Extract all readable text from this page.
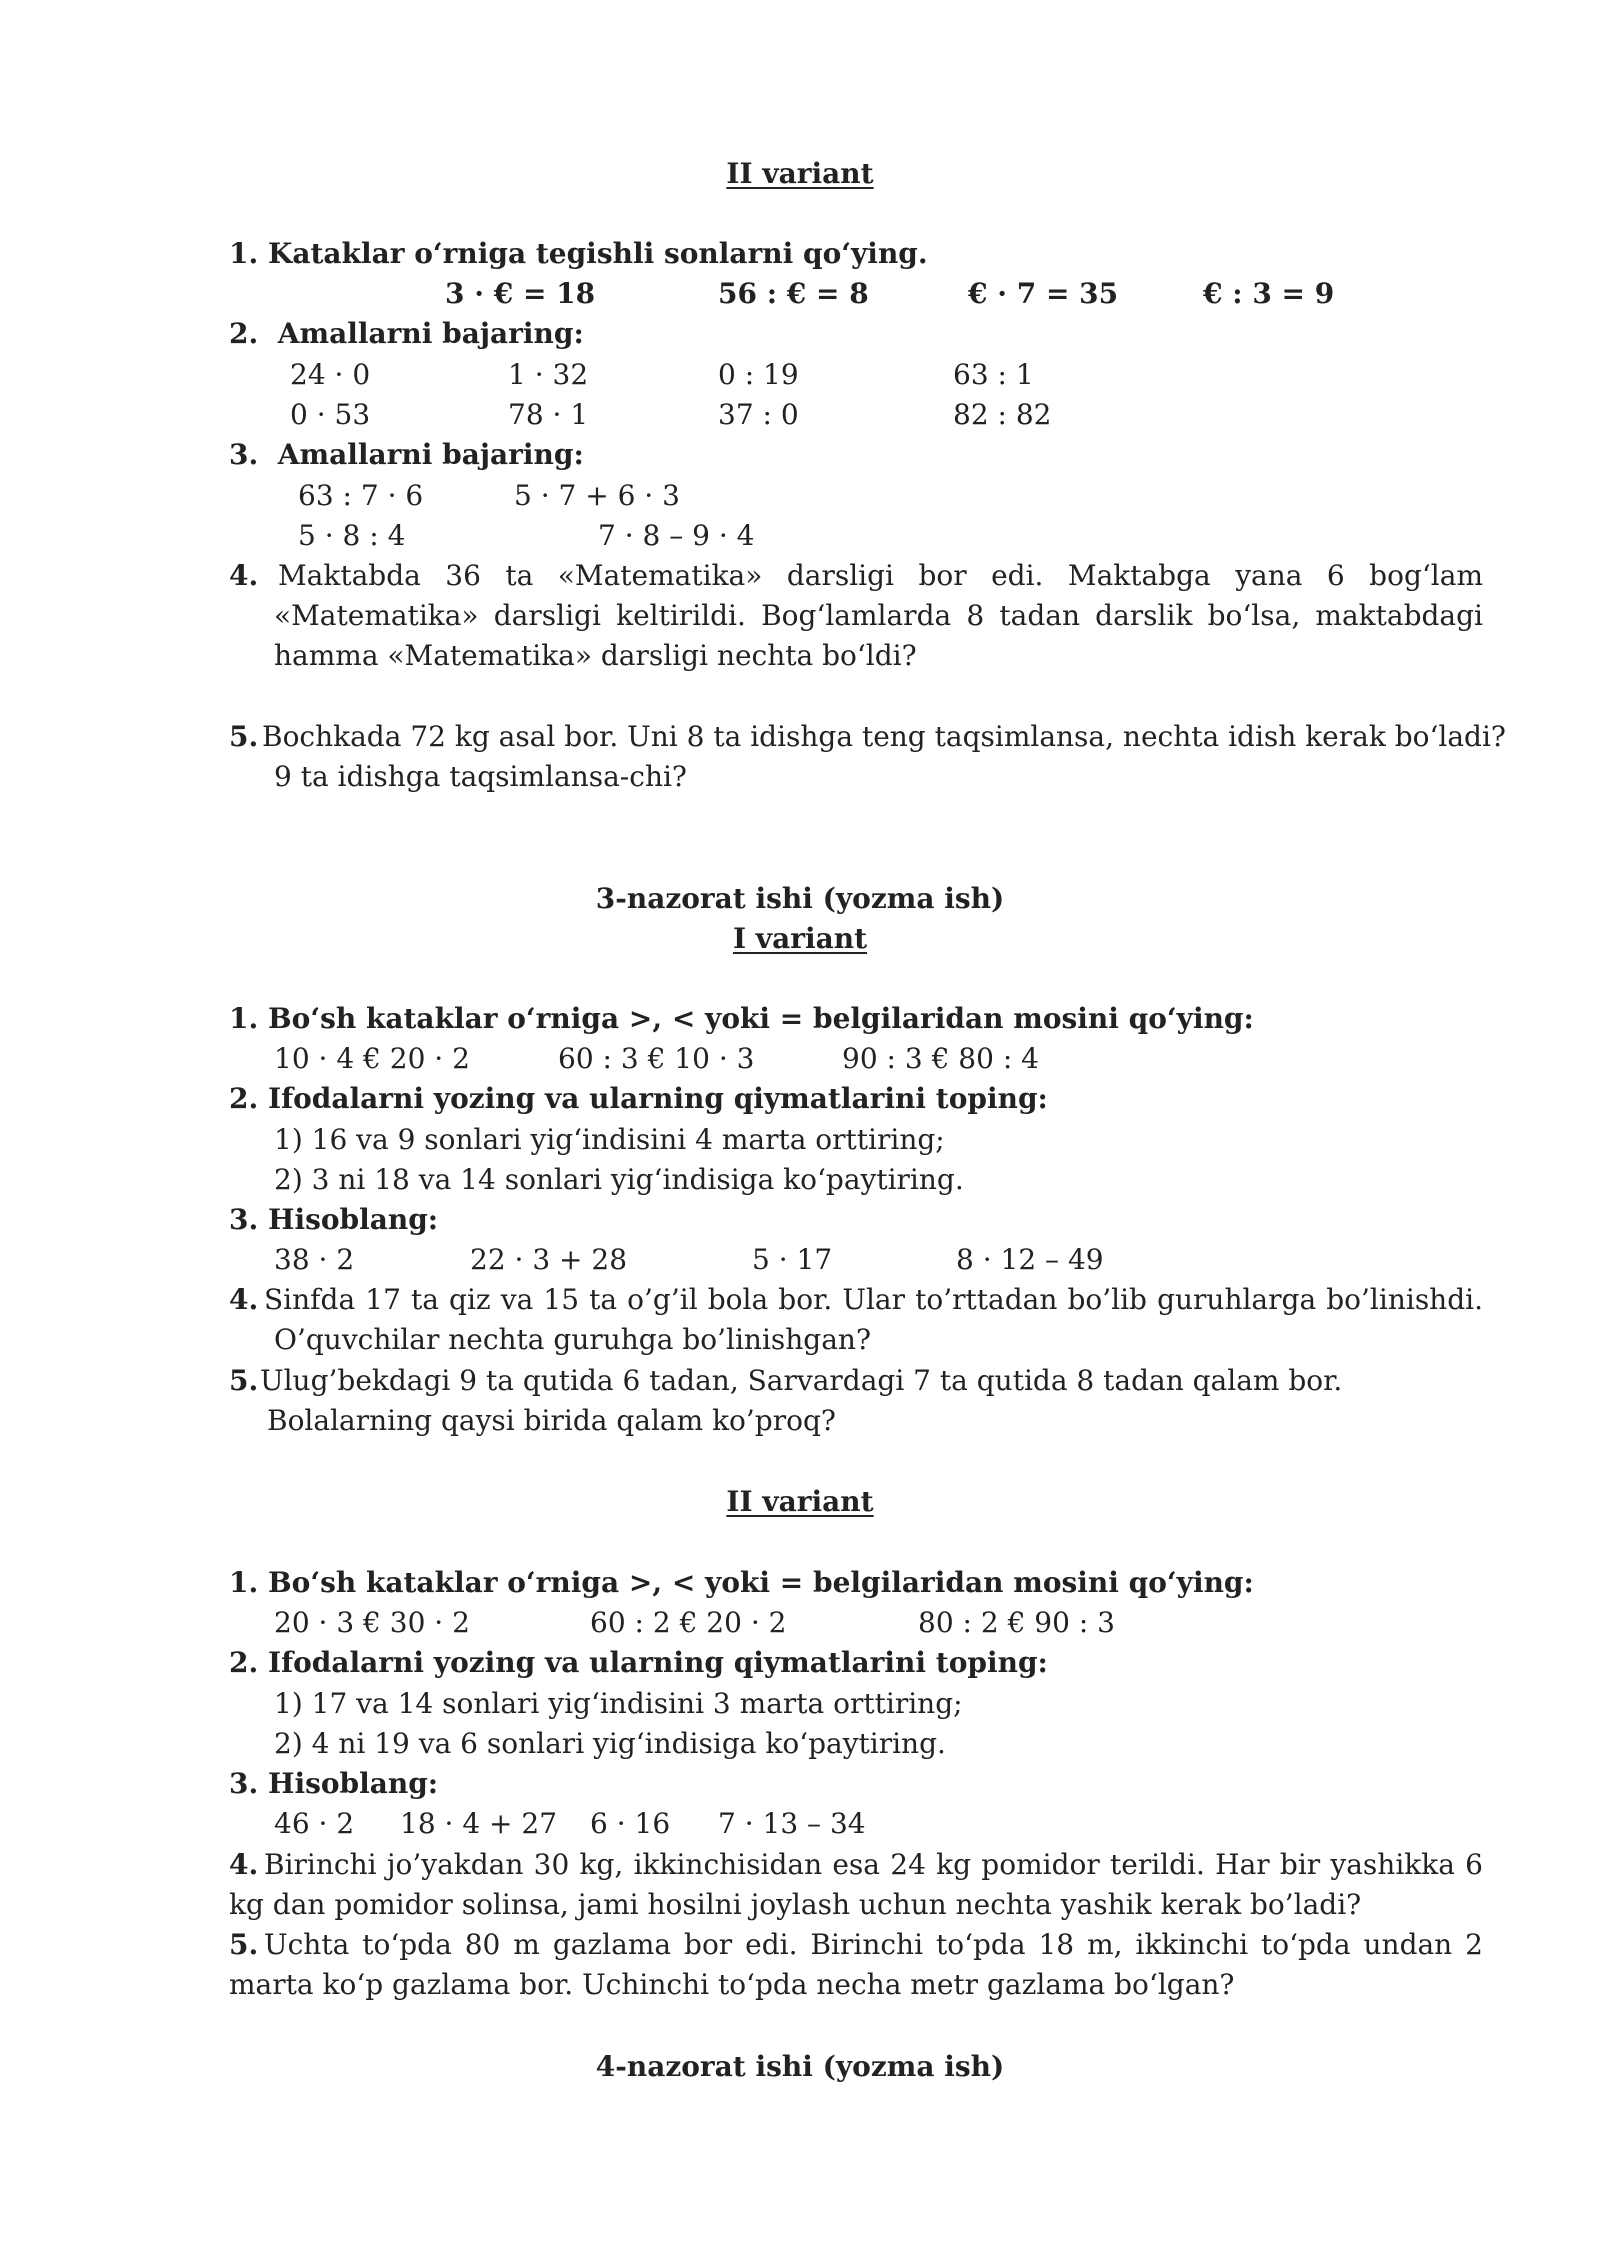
II variant
1. Kataklar o‘rniga tegishli sonlarni qo‘ying.
3 · € = 18	56 : € = 8	€ · 7 = 35	€ : 3 = 9
2. Amallarni bajaring:
24 · 0	1 · 32	0 : 19	63 : 1
0 · 53	78 · 1	37 : 0	82 : 82
3. Amallarni bajaring:
63 : 7 · 6	5 · 7 + 6 · 3
5 · 8 : 4	7 · 8 – 9 · 4
4. Maktabda 36 ta «Matematika» darsligi bor edi. Maktabga yana 6 bog‘lam
«Matematika» darsligi keltirildi. Bog‘lamlarda 8 tadan darslik bo‘lsa, maktabdagi
hamma «Matematika» darsligi nechta bo‘ldi?
5. Bochkada 72 kg asal bor. Uni 8 ta idishga teng taqsimlansa, nechta idish kerak bo‘ladi?
9 ta idishga taqsimlansa-chi?
3-nazorat ishi (yozma ish)
I variant
1. Bo‘sh kataklar o‘rniga >, < yoki = belgilaridan mosini qo‘ying:
10 · 4 € 20 · 2	60 : 3 € 10 · 3	90 : 3 € 80 : 4
2. Ifodalarni yozing va ularning qiymatlarini toping:
1) 16 va 9 sonlari yig‘indisini 4 marta orttiring;
2) 3 ni 18 va 14 sonlari yig‘indisiga ko‘paytiring.
3. Hisoblang:
38 · 2	22 · 3 + 28	5 · 17	8 · 12 – 49
4. Sinfda 17 ta qiz va 15 ta o’g’il bola bor. Ular to’rttadan bo’lib guruhlarga bo’linishdi.
O’quvchilar nechta guruhga bo’linishgan?
5. Ulug’bekdagi 9 ta qutida 6 tadan, Sarvardagi 7 ta qutida 8 tadan qalam bor.
Bolalarning qaysi birida qalam ko’proq?
II variant
1. Bo‘sh kataklar o‘rniga >, < yoki = belgilaridan mosini qo‘ying:
20 · 3 € 30 · 2	60 : 2 € 20 · 2	80 : 2 € 90 : 3
2. Ifodalarni yozing va ularning qiymatlarini toping:
1) 17 va 14 sonlari yig‘indisini 3 marta orttiring;
2) 4 ni 19 va 6 sonlari yig‘indisiga ko‘paytiring.
3. Hisoblang:
46 · 2 18 · 4 + 27 6 · 16 7 · 13 – 34
4. Birinchi jo’yakdan 30 kg, ikkinchisidan esa 24 kg pomidor terildi. Har bir yashikka 6
kg dan pomidor solinsa, jami hosilni joylash uchun nechta yashik kerak bo’ladi?
5. Uchta to‘pda 80 m gazlama bor edi. Birinchi to‘pda 18 m, ikkinchi to‘pda undan 2
marta ko‘p gazlama bor. Uchinchi to‘pda necha metr gazlama bo‘lgan?
4-nazorat ishi (yozma ish)
